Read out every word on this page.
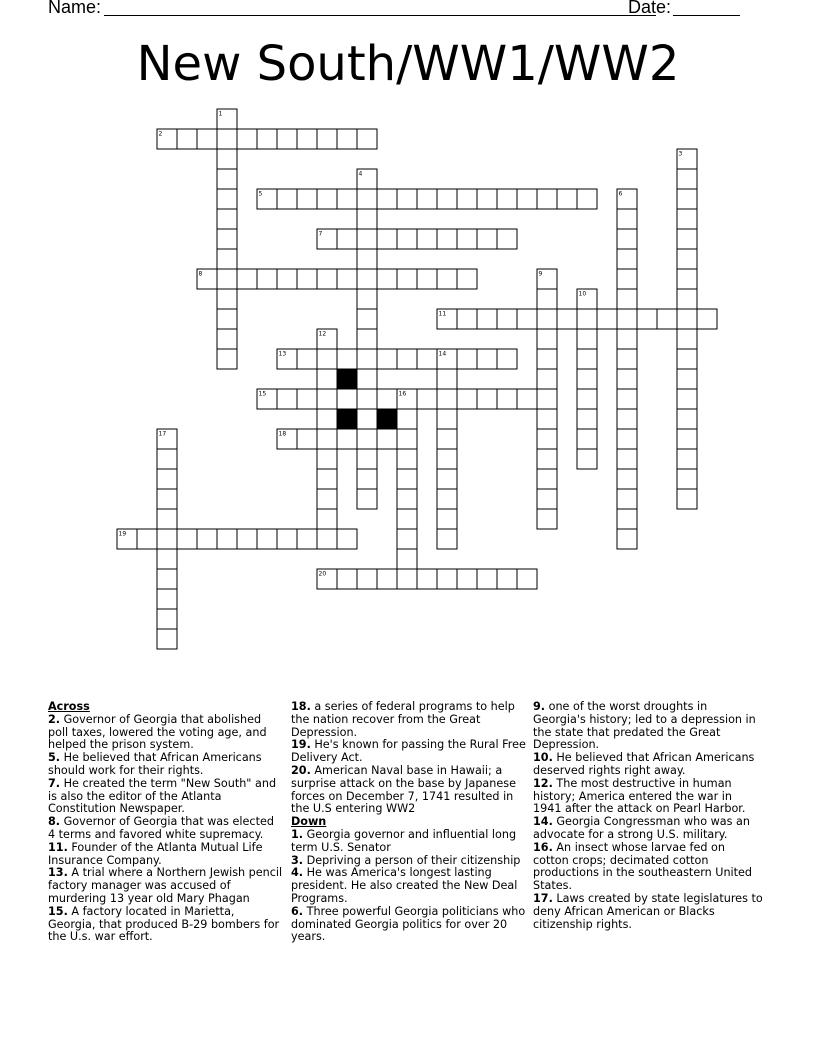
Name:	Date:
New South/WW1/WW2
1
2
3
4
5	6
7
8	9
10
11
12
13	14
15	16
17	18
19
20
Across
2. Governor of Georgia that abolished poll taxes, lowered the voting age, and helped the prison system.
5. He believed that African Americans should work for their rights.
7. He created the term "New South" and is also the editor of the Atlanta Constitution Newspaper.
8. Governor of Georgia that was elected 4 terms and favored white supremacy.
11. Founder of the Atlanta Mutual Life Insurance Company.
13. A trial where a Northern Jewish pencil factory manager was accused of murdering 13 year old Mary Phagan
15. A factory located in Marietta, Georgia, that produced B-29 bombers for the U.s. war effort.
18. a series of federal programs to help the nation recover from the Great Depression.
19. He's known for passing the Rural Free Delivery Act.
20. American Naval base in Hawaii; a surprise attack on the base by Japanese forces on December 7, 1741 resulted in the U.S entering WW2
Down
1. Georgia governor and influential long term U.S. Senator
3. Depriving a person of their citizenship
4. He was America's longest lasting president. He also created the New Deal Programs.
6. Three powerful Georgia politicians who dominated Georgia politics for over 20 years.
9. one of the worst droughts in Georgia's history; led to a depression in the state that predated the Great Depression.
10. He believed that African Americans deserved rights right away.
12. The most destructive in human history; America entered the war in 1941 after the attack on Pearl Harbor.
14. Georgia Congressman who was an advocate for a strong U.S. military.
16. An insect whose larvae fed on cotton crops; decimated cotton productions in the southeastern United States.
17. Laws created by state legislatures to deny African American or Blacks citizenship rights.
